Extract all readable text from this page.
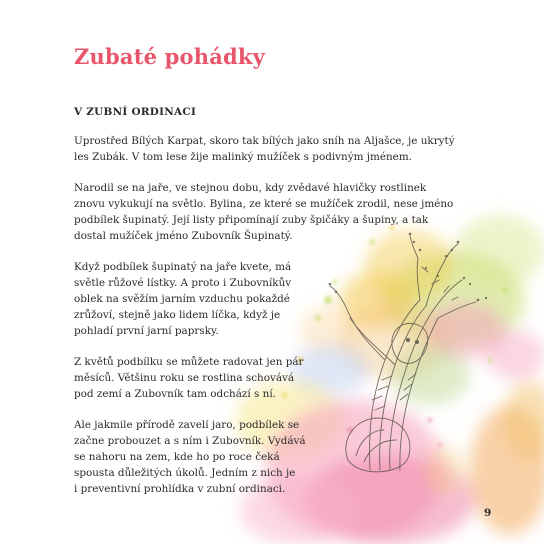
Zubaté pohádky
V ZUBNÍ ORDINACI

Uprostřed Bílých Karpat, skoro tak bílých jako sníh na Aljašce, je ukrytý
les Zubák. V tom lese žije malinký mužíček s podivným jménem.

Narodil se na jaře, ve stejnou dobu, kdy zvědavé hlavičky rostlinek
znovu vykukují na světlo. Bylina, ze které se mužíček zrodil, nese jméno
podbílek šupinatý. Její listy připomínají zuby špičáky a šupiny, a tak
dostal mužíček jméno Zubovník Šupinatý.

Když podbílek šupinatý na jaře kvete, má
světle růžové lístky. A proto i Zubovníkův
oblek na svěžím jarním vzduchu pokaždé
zrůžoví, stejně jako lidem líčka, když je
pohladí první jarní paprsky.

Z květů podbílku se můžete radovat jen pár
měsíců. Většinu roku se rostlina schovává
pod zemí a Zubovník tam odchází s ní.

Ale jakmile přírodě zavelí jaro, podbílek se
začne probouzet a s ním i Zubovník. Vydává
se nahoru na zem, kde ho po roce čeká
spousta důležitých úkolů. Jedním z nich je
i preventivní prohlídka v zubní ordinaci.

9
